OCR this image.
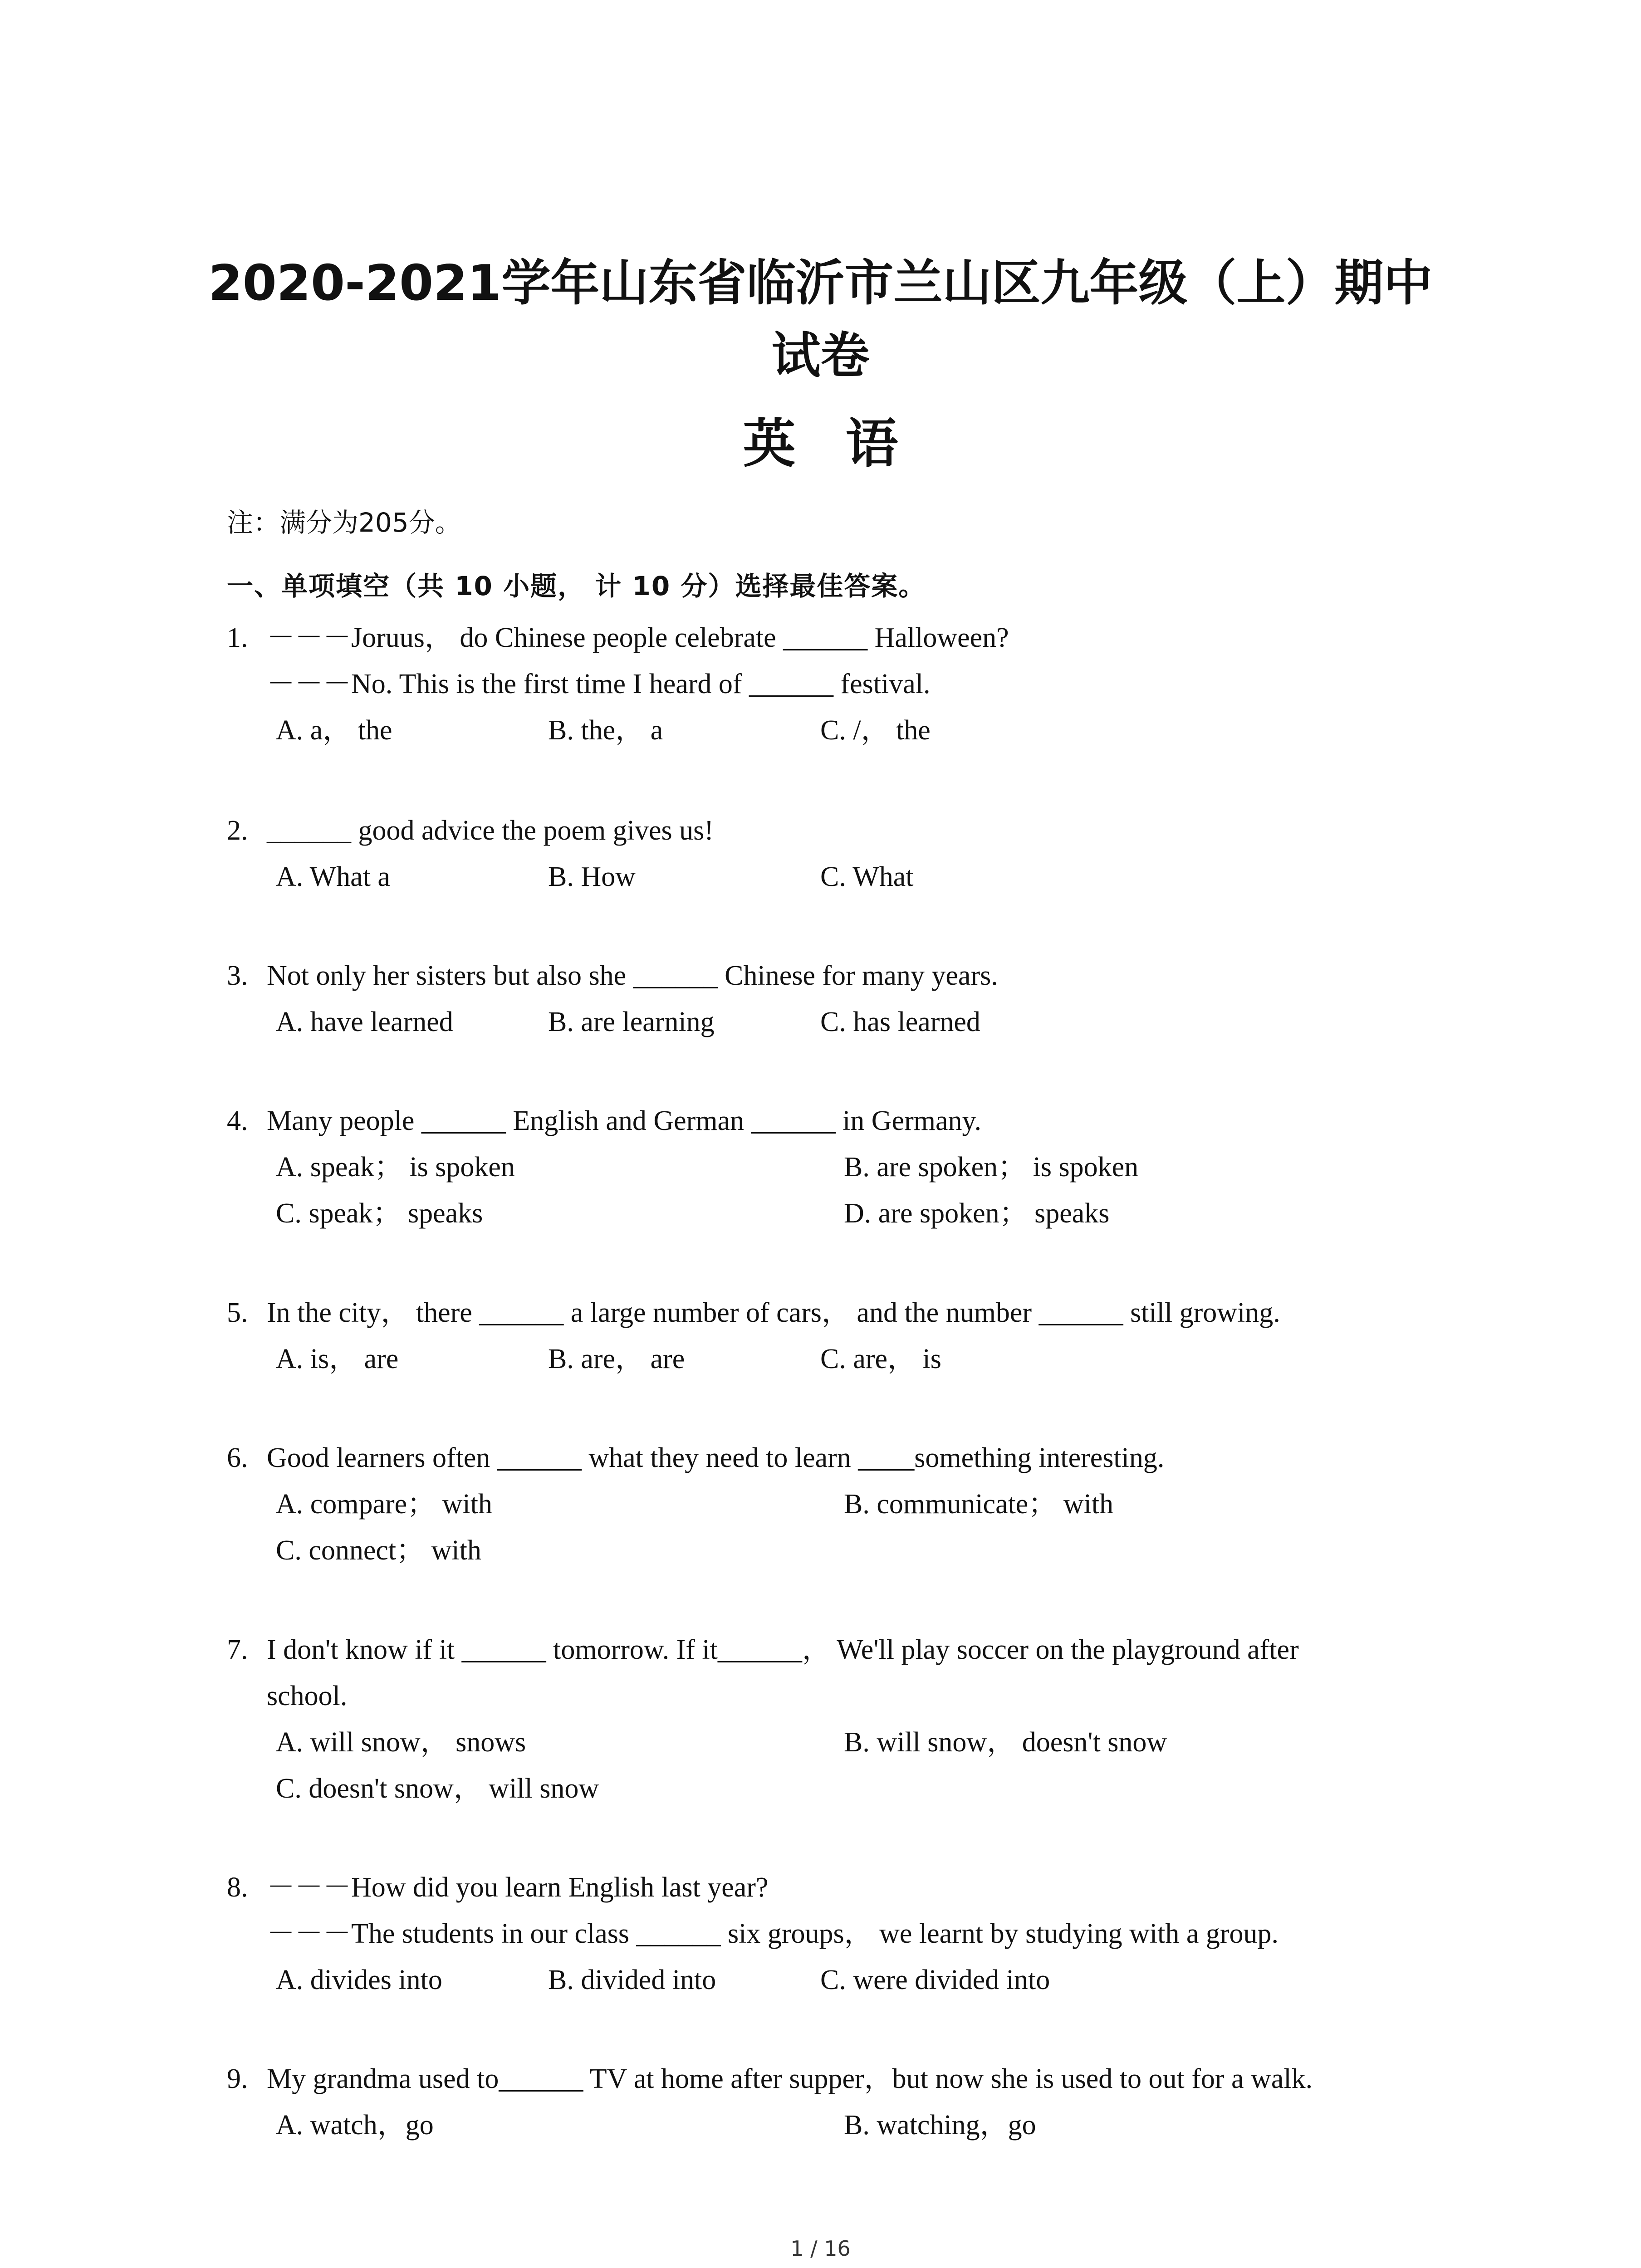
2020-2021学年山东省临沂市兰山区九年级（上）期中
试卷
英语
注：满分为205分。
一、单项填空（共 10 小题， 计 10 分）选择最佳答案。
1. －－－Joruus， do Chinese people celebrate ______ Halloween?
－－－No. This is the first time I heard of ______ festival.
A. a， the	B. the， a	C. /， the
2. ______ good advice the poem gives us!
A. What a	B. How	C. What
3. Not only her sisters but also she ______ Chinese for many years.
A. have learned	B. are learning	C. has learned
4. Many people ______ English and German ______ in Germany.
A. speak； is spoken	B. are spoken； is spoken
C. speak； speaks	D. are spoken； speaks
5. In the city， there ______ a large number of cars， and the number ______ still growing.
A. is， are	B. are， are	C. are， is
6. Good learners often ______ what they need to learn ____something interesting.
A. compare； with	B. communicate； with
C. connect； with
7. I don't know if it ______ tomorrow. If it______， We'll play soccer on the playground after
school.
A. will snow， snows	B. will snow， doesn't snow
C. doesn't snow， will snow
8. －－－How did you learn English last year?
－－－The students in our class ______ six groups， we learnt by studying with a group.
A. divides into	B. divided into	C. were divided into
9. My grandma used to______ TV at home after supper，but now she is used to out for a walk.
A. watch，go	B. watching，go
1 / 16
